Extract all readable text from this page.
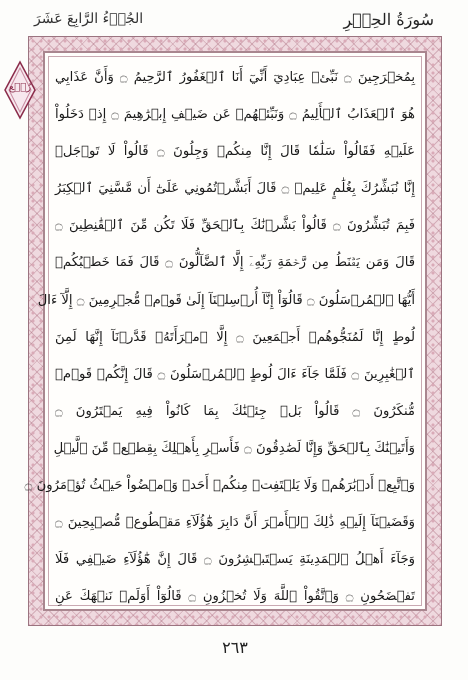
سُورَةُ الحِجۡرِ
الجُزۡءُ الرَّابِعَ عَشَرَ
بِمُخۡرَجِينَ ۝ نَبِّئۡ عِبَادِيٓ أَنِّيٓ أَنَا ٱلۡغَفُورُ ٱلرَّحِيمُ ۝ وَأَنَّ عَذَابِي
هُوَ ٱلۡعَذَابُ ٱلۡأَلِيمُ ۝ وَنَبِّئۡهُمۡ عَن ضَيۡفِ إِبۡرَٰهِيمَ ۝ إِذۡ دَخَلُواْ
عَلَيۡهِ فَقَالُواْ سَلَٰمٗا قَالَ إِنَّا مِنكُمۡ وَجِلُونَ ۝ قَالُواْ لَا تَوۡجَلۡ
إِنَّا نُبَشِّرُكَ بِغُلَٰمٍ عَلِيمٖ ۝ قَالَ أَبَشَّرۡتُمُونِي عَلَىٰٓ أَن مَّسَّنِيَ ٱلۡكِبَرُ
فَبِمَ تُبَشِّرُونَ ۝ قَالُواْ بَشَّرۡنَٰكَ بِٱلۡحَقِّ فَلَا تَكُن مِّنَ ٱلۡقَٰنِطِينَ ۝
قَالَ وَمَن يَقۡنَطُ مِن رَّحۡمَةِ رَبِّهِۦٓ إِلَّا ٱلضَّآلُّونَ ۝ قَالَ فَمَا خَطۡبُكُمۡ
أَيُّهَا ٱلۡمُرۡسَلُونَ ۝ قَالُوٓاْ إِنَّآ أُرۡسِلۡنَآ إِلَىٰ قَوۡمٖ مُّجۡرِمِينَ ۝ إِلَّآ ءَالَ
لُوطٍ إِنَّا لَمُنَجُّوهُمۡ أَجۡمَعِينَ ۝ إِلَّا ٱمۡرَأَتَهُۥ قَدَّرۡنَآ إِنَّهَا لَمِنَ
ٱلۡغَٰبِرِينَ ۝ فَلَمَّا جَآءَ ءَالَ لُوطٍ ٱلۡمُرۡسَلُونَ ۝ قَالَ إِنَّكُمۡ قَوۡمٞ
مُّنكَرُونَ ۝ قَالُواْ بَلۡ جِئۡنَٰكَ بِمَا كَانُواْ فِيهِ يَمۡتَرُونَ ۝
وَأَتَيۡنَٰكَ بِٱلۡحَقِّ وَإِنَّا لَصَٰدِقُونَ ۝ فَأَسۡرِ بِأَهۡلِكَ بِقِطۡعٖ مِّنَ ٱلَّيۡلِ
وَٱتَّبِعۡ أَدۡبَٰرَهُمۡ وَلَا يَلۡتَفِتۡ مِنكُمۡ أَحَدٞ وَٱمۡضُواْ حَيۡثُ تُؤۡمَرُونَ ۝
وَقَضَيۡنَآ إِلَيۡهِ ذَٰلِكَ ٱلۡأَمۡرَ أَنَّ دَابِرَ هَٰٓؤُلَآءِ مَقۡطُوعٞ مُّصۡبِحِينَ ۝
وَجَآءَ أَهۡلُ ٱلۡمَدِينَةِ يَسۡتَبۡشِرُونَ ۝ قَالَ إِنَّ هَٰٓؤُلَآءِ ضَيۡفِي فَلَا
تَفۡضَحُونِ ۝ وَٱتَّقُواْ ٱللَّهَ وَلَا تُخۡزُونِ ۝ قَالُوٓاْ أَوَلَمۡ نَنۡهَكَ عَنِ
رُبۡع
٢٦٣
